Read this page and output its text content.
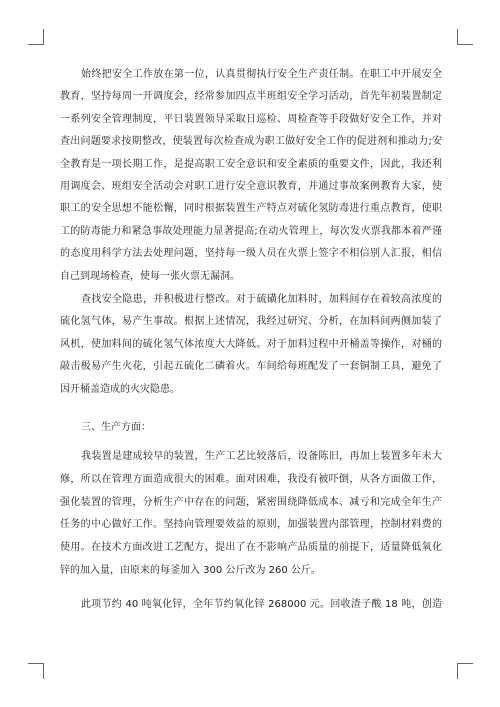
始终把安全工作放在第一位，认真贯彻执行安全生产责任制。在职工中开展安全
教育，坚持每周一开调度会，经常参加四点半班组安全学习活动，首先年初装置制定
一系列安全管理制度，平日装置领导采取日巡检、周检查等手段做好安全工作，并对
查出问题要求按期整改，使装置每次检查成为职工做好安全工作的促进剂和推动力;安
全教育是一项长期工作，是提高职工安全意识和安全素质的重要文件，因此，我还利
用调度会、班组安全活动会对职工进行安全意识教育，并通过事故案例教育大家，使
职工的安全思想不能松懈，同时根据装置生产特点对硫化氢防毒进行重点教育，使职
工的防毒能力和紧急事故处理能力显著提高;在动火管理上，每次发火票我都本着严谨
的态度用科学方法去处理问题，坚持每一级人员在火票上签字不相信别人汇报，相信
自己到现场检查，使每一张火票无漏洞。
查找安全隐患，并积极进行整改。对于硫磺化加料时，加料间存在着较高浓度的
硫化氢气体，易产生事故。根据上述情况，我经过研究、分析，在加料间两侧加装了
风机，使加料间的硫化氢气体浓度大大降低。对于加料过程中开桶盖等操作，对桶的
敲击极易产生火花，引起五硫化二磷着火。车间给每班配发了一套铜制工具，避免了
因开桶盖造成的火灾隐患。
三、生产方面：
我装置是建成较早的装置，生产工艺比较落后，设备陈旧，再加上装置多年未大
修，所以在管理方面造成很大的困难。面对困难，我没有被吓倒，从各方面做工作，
强化装置的管理，分析生产中存在的问题，紧密围绕降低成本、减亏和完成全年生产
任务的中心做好工作。坚持向管理要效益的原则，加强装置内部管理，控制材料费的
使用。在技术方面改进工艺配方，提出了在不影响产品质量的前提下，适量降低氧化
锌的加入量，由原来的每釜加入 300 公斤改为 260 公斤。
此项节约 40 吨氧化锌，全年节约氧化锌 268000 元。回收渣子酸 18 吨，创造
